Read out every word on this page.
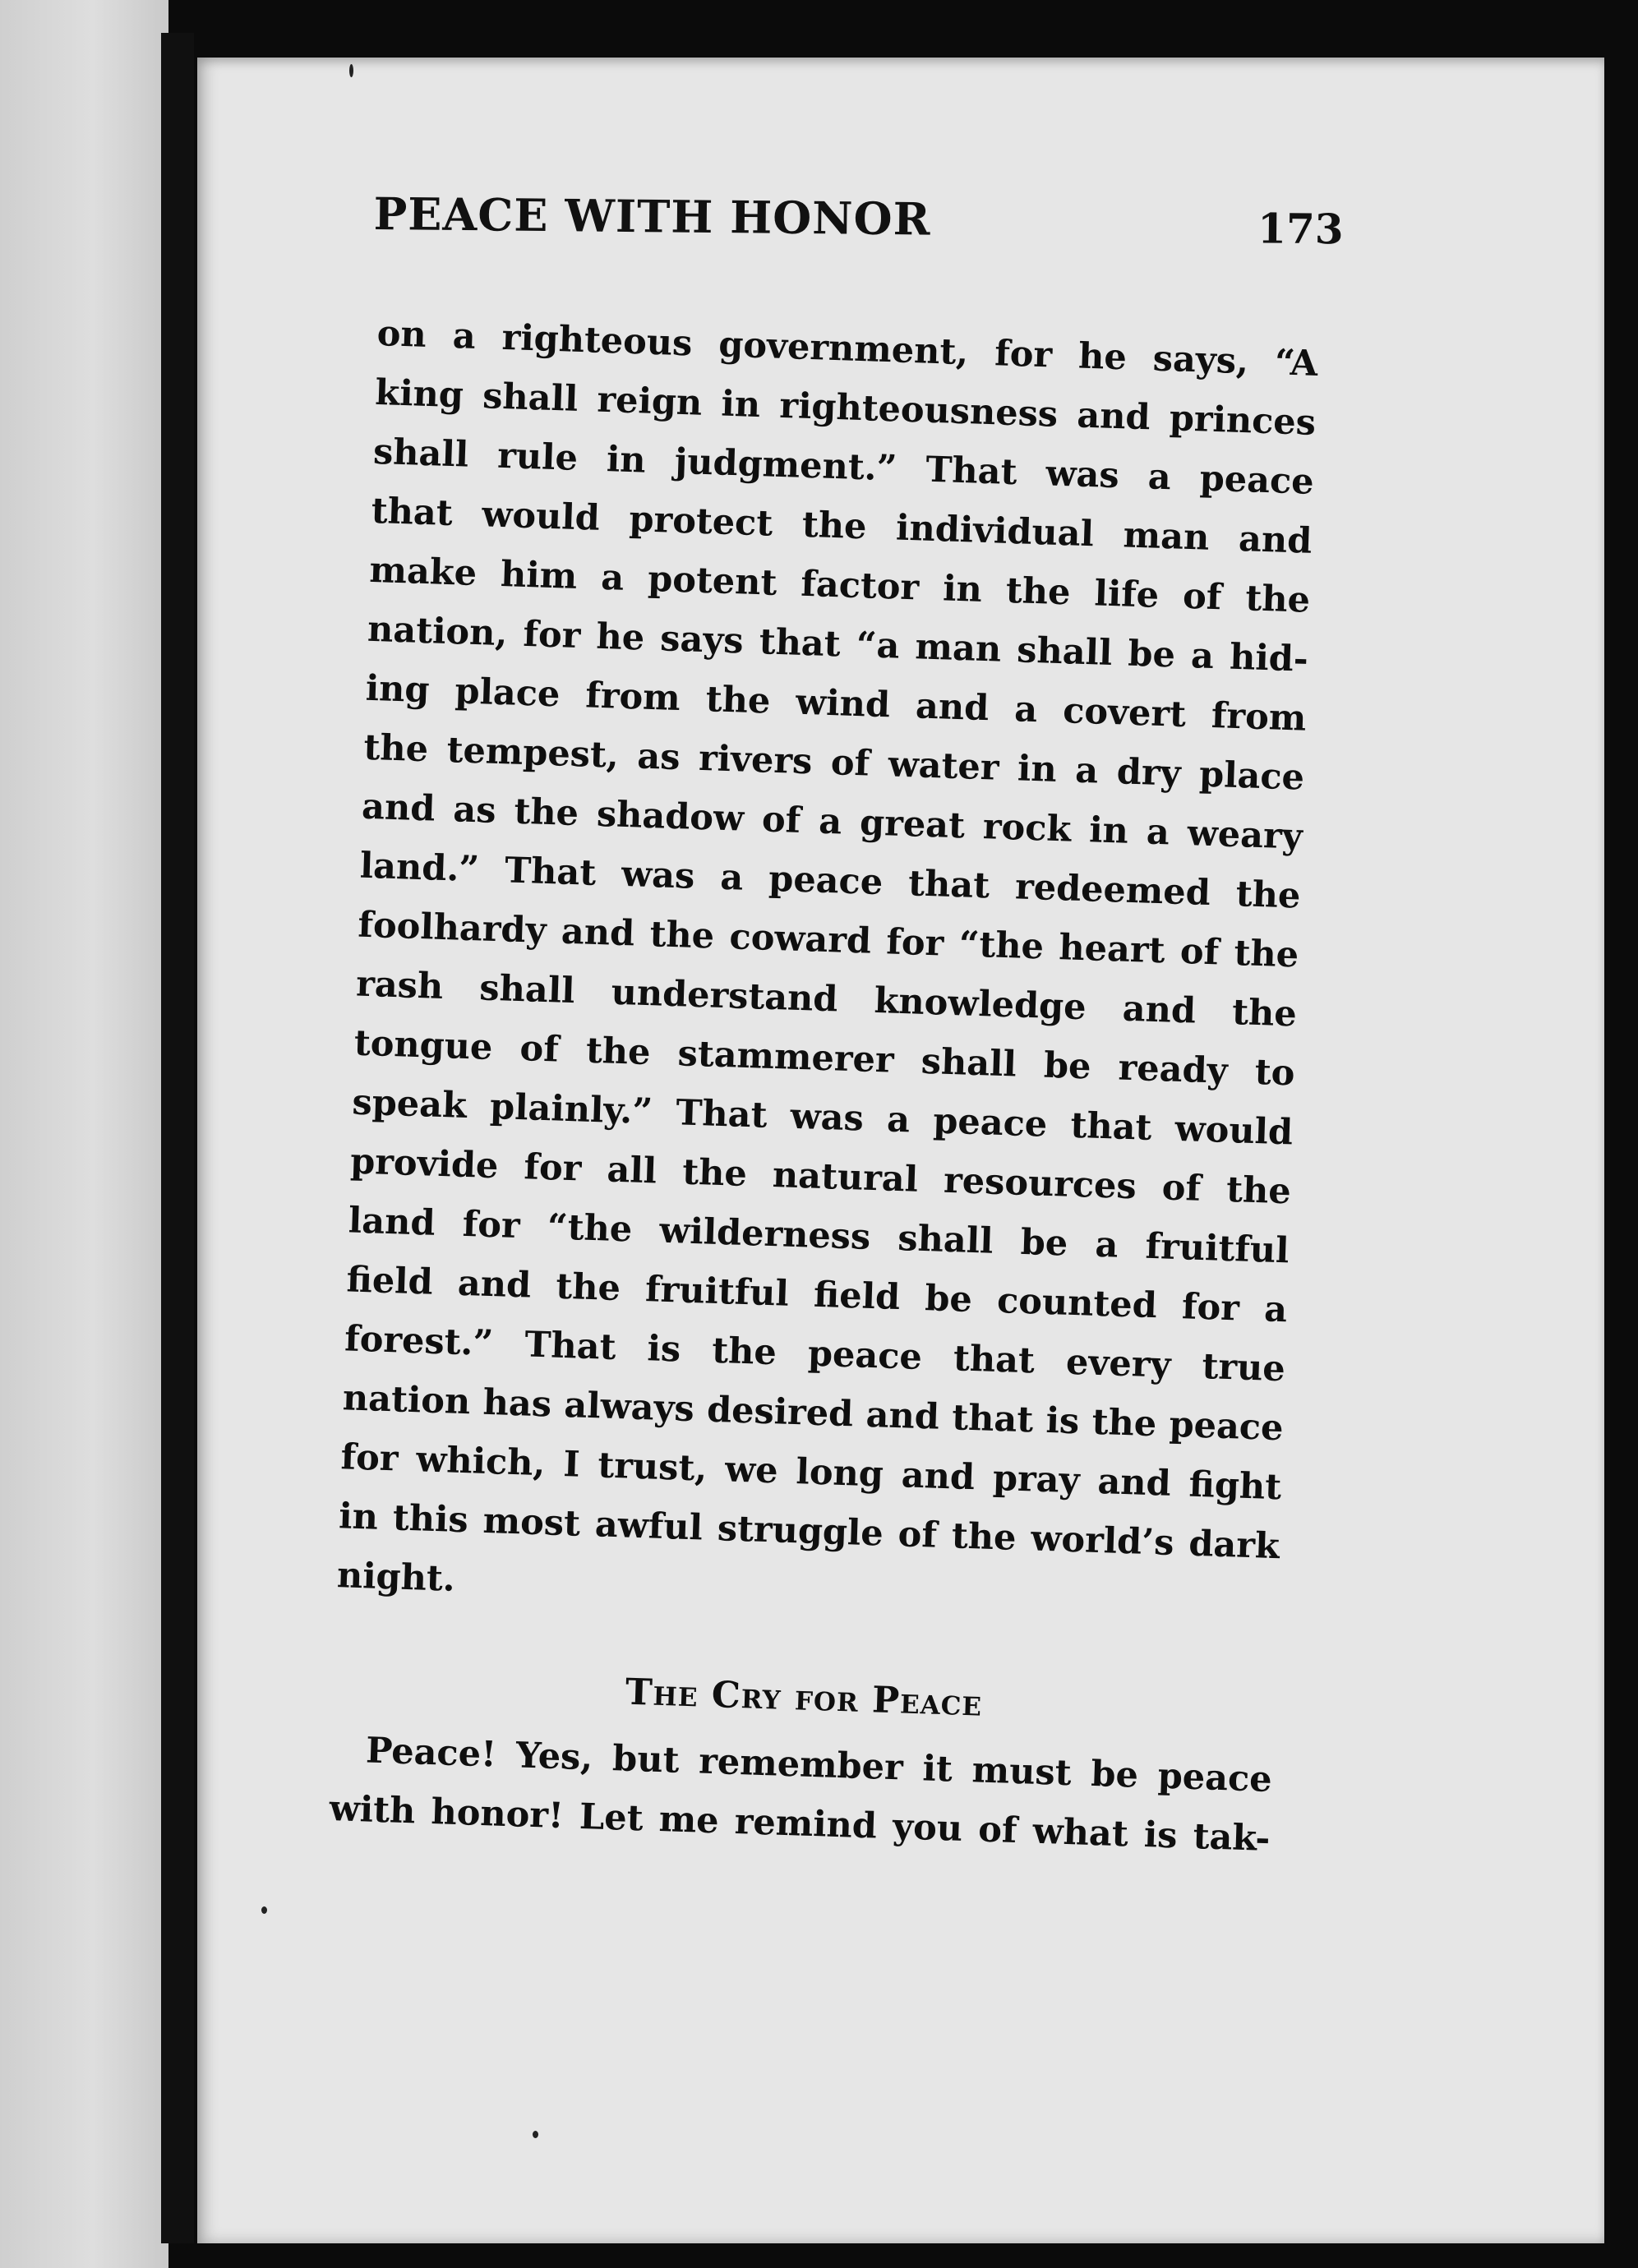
PEACE WITH HONOR	173
on a righteous government, for he says, “A
king shall reign in righteousness and princes
shall rule in judgment.” That was a peace
that would protect the individual man and
make him a potent factor in the life of the
nation, for he says that “a man shall be a hid-
ing place from the wind and a covert from
the tempest, as rivers of water in a dry place
and as the shadow of a great rock in a weary
land.” That was a peace that redeemed the
foolhardy and the coward for “the heart of the
rash shall understand knowledge and the
tongue of the stammerer shall be ready to
speak plainly.” That was a peace that would
provide for all the natural resources of the
land for “the wilderness shall be a fruitful
field and the fruitful field be counted for a
forest.” That is the peace that every true
nation has always desired and that is the peace
for which, I trust, we long and pray and fight
in this most awful struggle of the world’s dark
night.
The Cry for Peace
Peace! Yes, but remember it must be peace
with honor! Let me remind you of what is tak-
